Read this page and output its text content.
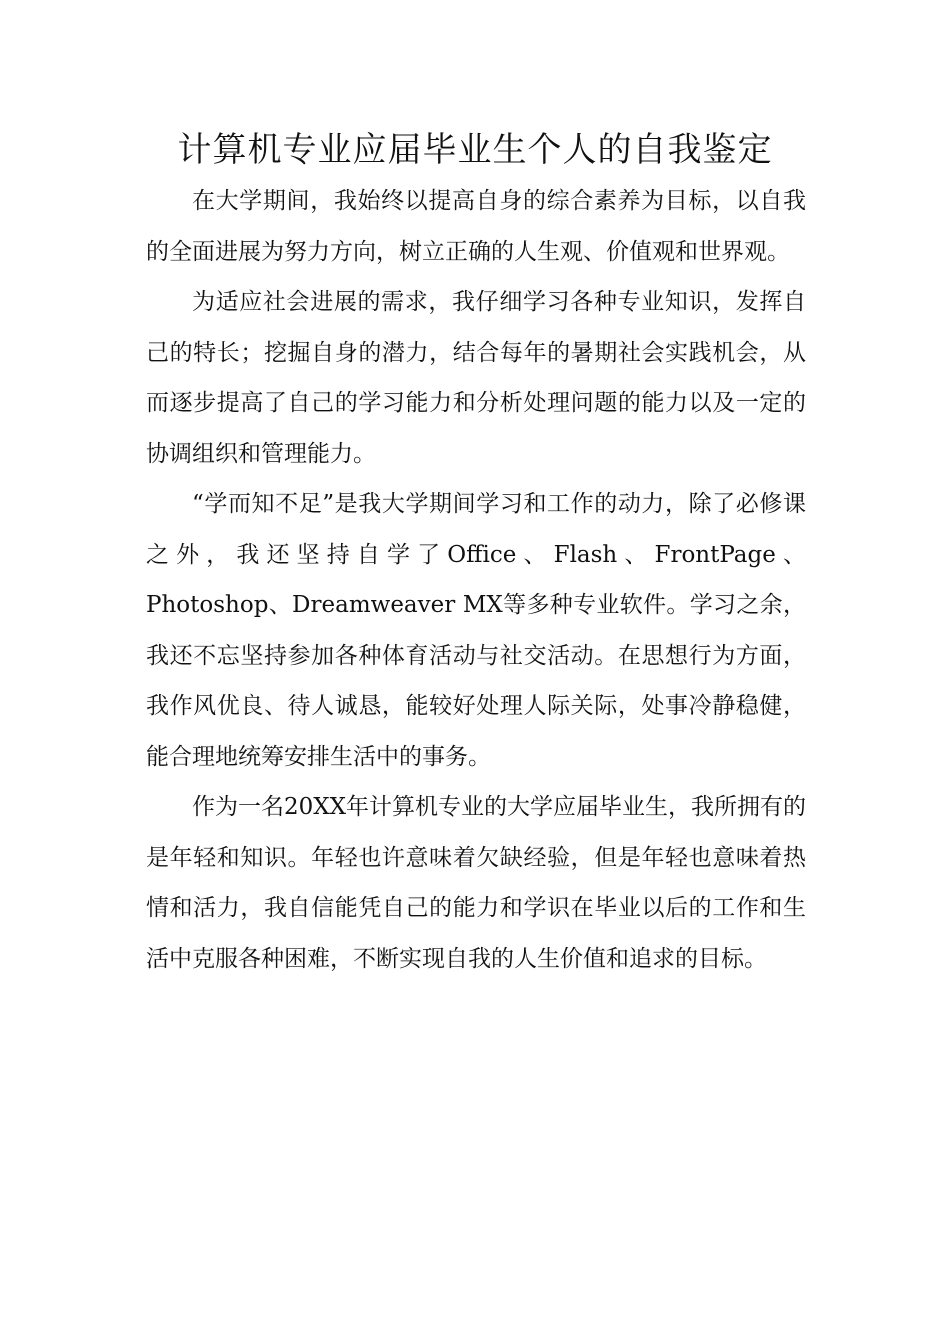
计算机专业应届毕业生个人的自我鉴定

在大学期间，我始终以提高自身的综合素养为目标，以自我的全面进展为努力方向，树立正确的人生观、价值观和世界观。

为适应社会进展的需求，我仔细学习各种专业知识，发挥自己的特长；挖掘自身的潜力，结合每年的暑期社会实践机会，从而逐步提高了自己的学习能力和分析处理问题的能力以及一定的协调组织和管理能力。

“学而知不足”是我大学期间学习和工作的动力，除了必修课之外，我还坚持自学了Office、Flash、FrontPage、Photoshop、Dreamweaver MX等多种专业软件。学习之余，我还不忘坚持参加各种体育活动与社交活动。在思想行为方面，我作风优良、待人诚恳，能较好处理人际关际，处事冷静稳健，能合理地统筹安排生活中的事务。

作为一名20XX年计算机专业的大学应届毕业生，我所拥有的是年轻和知识。年轻也许意味着欠缺经验，但是年轻也意味着热情和活力，我自信能凭自己的能力和学识在毕业以后的工作和生活中克服各种困难，不断实现自我的人生价值和追求的目标。
